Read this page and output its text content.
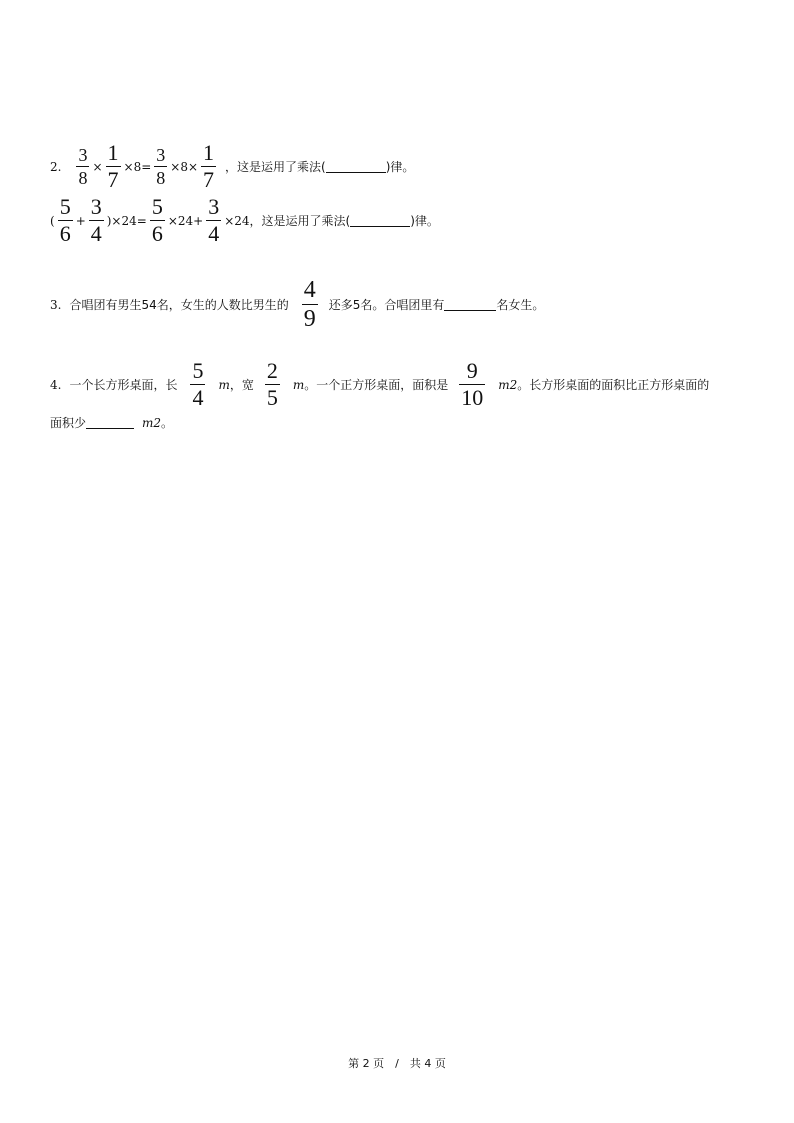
2. $\frac{3}{8} \times \frac{1}{7} \times 8= \frac{3}{8} \times 8\times \frac{1}{7}$ ，这是运用了乘法(	)律。
( $\frac{5}{6} + \frac{3}{4} )\times 24= \frac{5}{6} \times 24+ \frac{3}{4} \times 24$ ，这是运用了乘法(	)律。
3. 合唱团有男生54名，女生的人数比男生的 $\frac{4}{9}$ 还多5名。合唱团里有	名女生。
4. 一个长方形桌面，长 $\frac{5}{4}$ m ，宽 $\frac{2}{5}$ m 。一个正方形桌面，面积是 $\frac{9}{10} m2$ 。长方形桌面的面积比正方形桌面的
面积少	m2 。
第 2 页　/　共 4 页
